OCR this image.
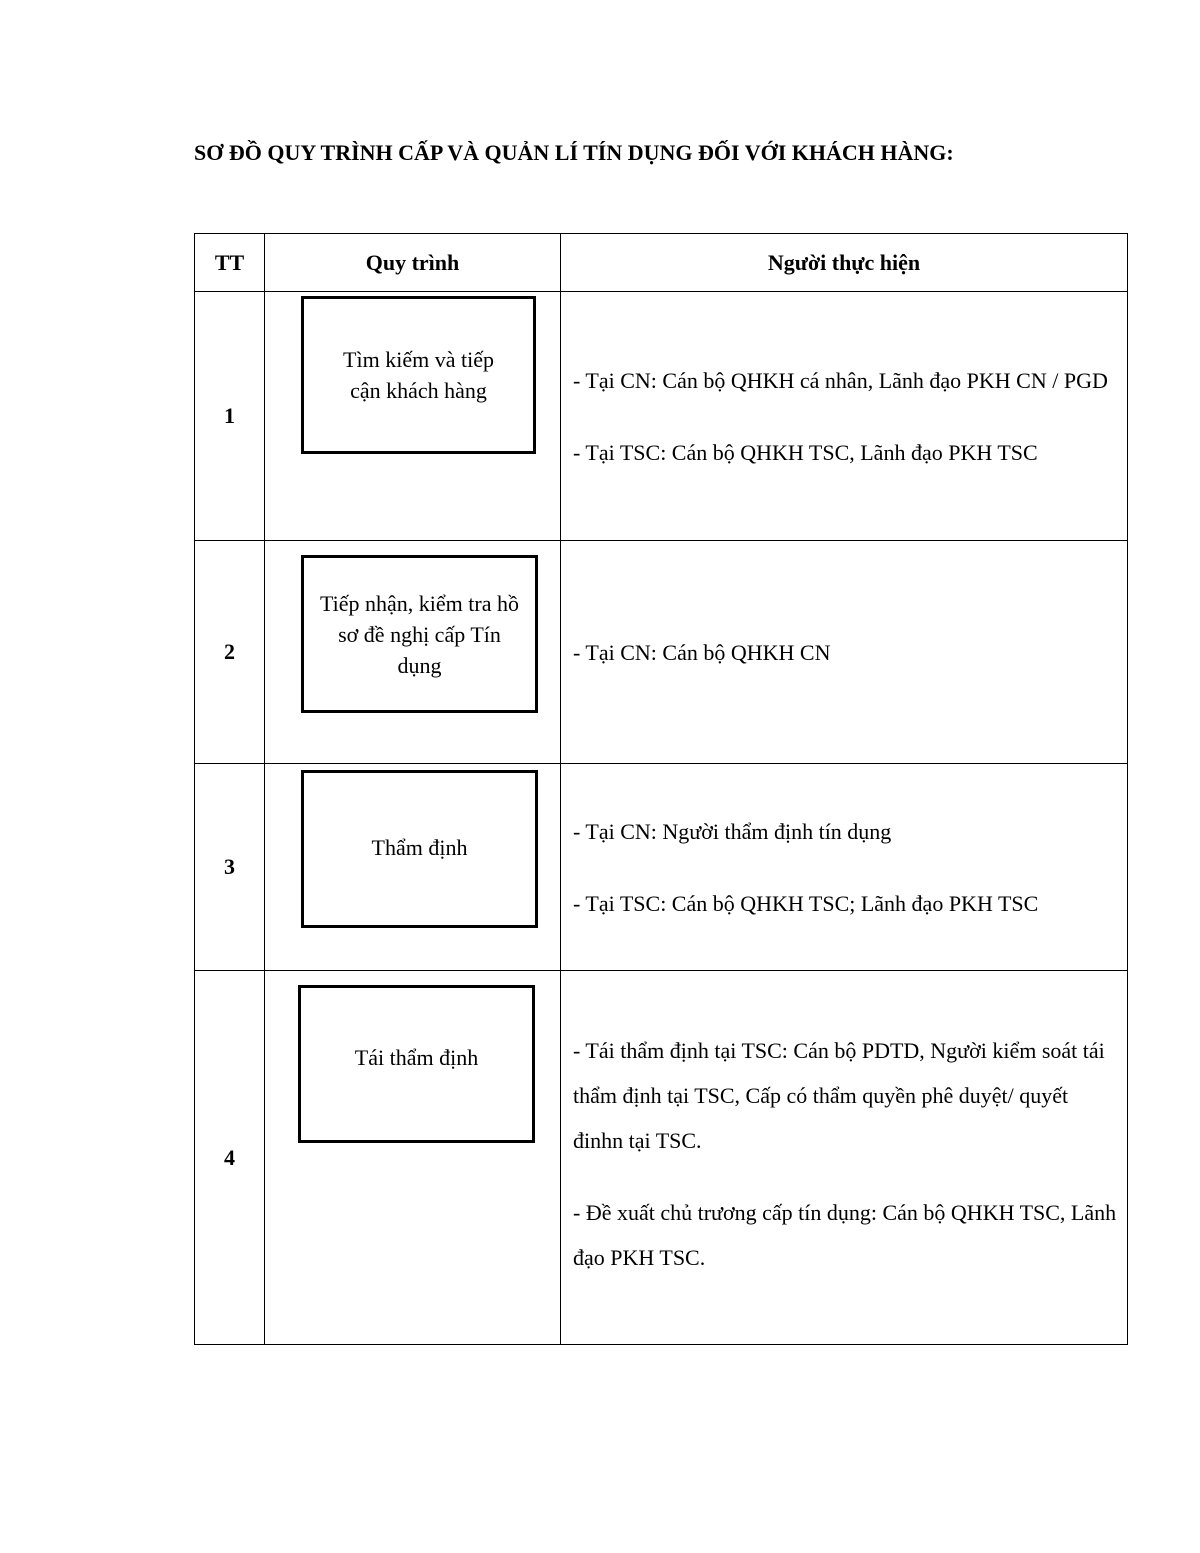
SƠ ĐỒ QUY TRÌNH CẤP VÀ QUẢN LÍ TÍN DỤNG ĐỐI VỚI KHÁCH HÀNG:
TT	Quy trình	Người thực hiện
1	Tìm kiếm và tiếp cận khách hàng	- Tại CN: Cán bộ QHKH cá nhân, Lãnh đạo PKH CN / PGD

- Tại TSC: Cán bộ QHKH TSC, Lãnh đạo PKH TSC

2	Tiếp nhận, kiểm tra hồ sơ đề nghị cấp Tín dụng	- Tại CN: Cán bộ QHKH CN

3	Thẩm định	- Tại CN: Người thẩm định tín dụng

- Tại TSC: Cán bộ QHKH TSC; Lãnh đạo PKH TSC

4	Tái thẩm định	- Tái thẩm định tại TSC: Cán bộ PDTD, Người kiểm soát tái thẩm định tại TSC, Cấp có thẩm quyền phê duyệt/ quyết đinhn tại TSC.

- Đề xuất chủ trương cấp tín dụng: Cán bộ QHKH TSC, Lãnh đạo PKH TSC.
